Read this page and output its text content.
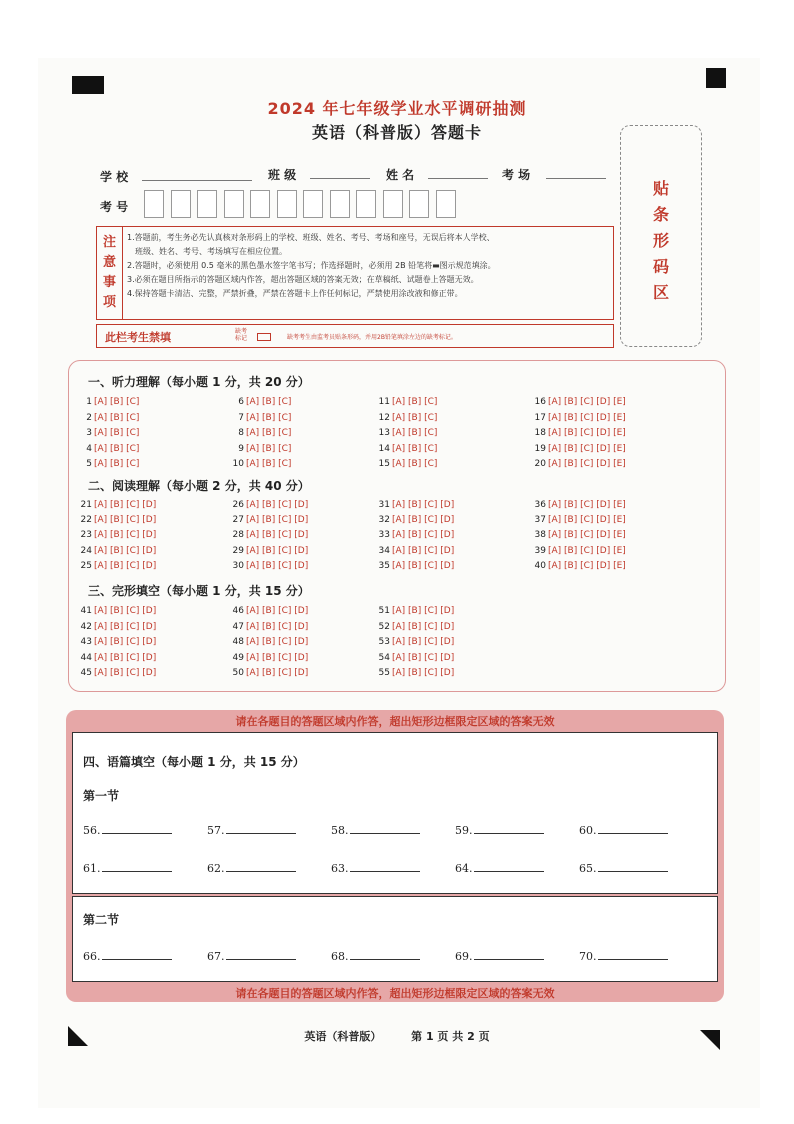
2024 年七年级学业水平调研抽测
英语（科普版）答题卡
学 校	班 级	姓 名	考 场
考 号
贴
条
形
码
区
注
意
事
项
1.答题前，考生务必先认真核对条形码上的学校、班级、姓名、考号、考场和座号，无误后将本人学校、
班级、姓名、考号、考场填写在相应位置。
2.答题时，必须使用 0.5 毫米的黑色墨水签字笔书写；作选择题时，必须用 2B 铅笔将▬图示规范填涂。
3.必须在题目所指示的答题区域内作答，超出答题区域的答案无效；在草稿纸、试题卷上答题无效。
4.保持答题卡清洁、完整，严禁折叠，严禁在答题卡上作任何标记，严禁使用涂改液和修正带。
此栏考生禁填	缺考
标记	缺考考生由监考员贴条形码，并用2B铅笔填涂左边的缺考标记。
一、听力理解（每小题 1 分，共 20 分）
二、阅读理解（每小题 2 分，共 40 分）
三、完形填空（每小题 1 分，共 15 分）
1 [A] [B] [C]
2 [A] [B] [C]
3 [A] [B] [C]
4 [A] [B] [C]
5 [A] [B] [C]
6 [A] [B] [C]
7 [A] [B] [C]
8 [A] [B] [C]
9 [A] [B] [C]
10 [A] [B] [C]
11 [A] [B] [C]
12 [A] [B] [C]
13 [A] [B] [C]
14 [A] [B] [C]
15 [A] [B] [C]
16 [A] [B] [C] [D] [E]
17 [A] [B] [C] [D] [E]
18 [A] [B] [C] [D] [E]
19 [A] [B] [C] [D] [E]
20 [A] [B] [C] [D] [E]
21 [A] [B] [C] [D]
22 [A] [B] [C] [D]
23 [A] [B] [C] [D]
24 [A] [B] [C] [D]
25 [A] [B] [C] [D]
26 [A] [B] [C] [D]
27 [A] [B] [C] [D]
28 [A] [B] [C] [D]
29 [A] [B] [C] [D]
30 [A] [B] [C] [D]
31 [A] [B] [C] [D]
32 [A] [B] [C] [D]
33 [A] [B] [C] [D]
34 [A] [B] [C] [D]
35 [A] [B] [C] [D]
36 [A] [B] [C] [D] [E]
37 [A] [B] [C] [D] [E]
38 [A] [B] [C] [D] [E]
39 [A] [B] [C] [D] [E]
40 [A] [B] [C] [D] [E]
41 [A] [B] [C] [D]
42 [A] [B] [C] [D]
43 [A] [B] [C] [D]
44 [A] [B] [C] [D]
45 [A] [B] [C] [D]
46 [A] [B] [C] [D]
47 [A] [B] [C] [D]
48 [A] [B] [C] [D]
49 [A] [B] [C] [D]
50 [A] [B] [C] [D]
51 [A] [B] [C] [D]
52 [A] [B] [C] [D]
53 [A] [B] [C] [D]
54 [A] [B] [C] [D]
55 [A] [B] [C] [D]
请在各题目的答题区域内作答，超出矩形边框限定区域的答案无效
四、语篇填空（每小题 1 分，共 15 分）
第一节
56.	57.	58.	59.	60.
61.	62.	63.	64.	65.
第二节
66.	67.	68.	69.	70.
请在各题目的答题区域内作答，超出矩形边框限定区域的答案无效
英语（科普版）	第 1 页 共 2 页
